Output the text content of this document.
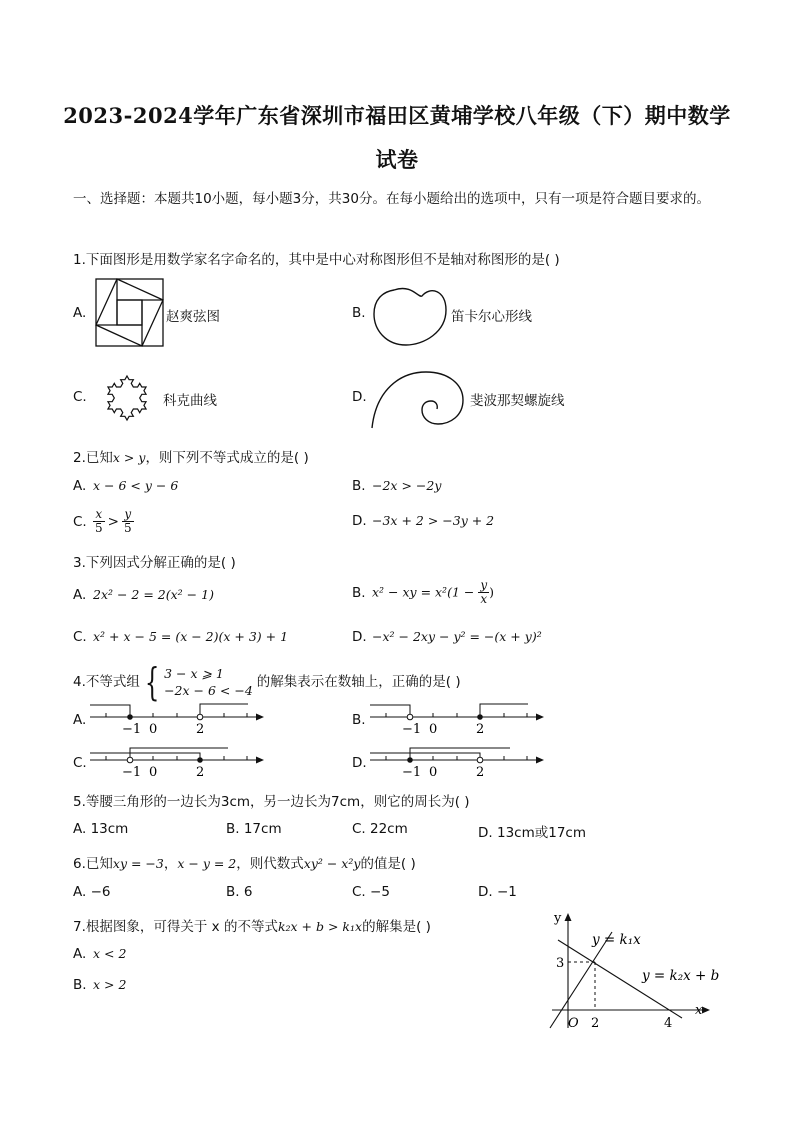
2023-2024学年广东省深圳市福田区黄埔学校八年级（下）期中数学
试卷
一、选择题：本题共10小题，每小题3分，共30分。在每小题给出的选项中，只有一项是符合题目要求的。
1.下面图形是用数学家名字命名的，其中是中心对称图形但不是轴对称图形的是( )
A.	赵爽弦图	B.	笛卡尔心形线
C.	科克曲线	D.	斐波那契螺旋线
2.已知x > y，则下列不等式成立的是( )
A. x − 6 < y − 6	B. −2x > −2y
C. $\frac{x}{5} > \frac{y}{5}$	D. −3x + 2 > −3y + 2
3.下列因式分解正确的是( )
A. 2x² − 2 = 2(x² − 1)	B. x² − xy = $x^2(1 - \frac{y}{x}$ )
C. x² + x − 5 = (x − 2)(x + 3) + 1	D. −x² − 2xy − y² = −(x + y)²
4.不等式组 { 3 − x ⩾ 1
−2x − 6 < −4
的解集表示在数轴上，正确的是( )
A.	B.
C.	D.
−1 0	2	−1 0	2
−1 0	2	−1 0	2
5.等腰三角形的一边长为3cm，另一边长为7cm，则它的周长为( )
A. 13cm	B. 17cm	C. 22cm	D. 13cm或17cm
6.已知xy = −3，x − y = 2，则代数式xy² − x²y的值是( )
A. −6	B. 6	C. −5	D. −1
7.根据图象，可得关于 x 的不等式k₂x + b > k₁x的解集是( )
A. x < 2
B. x > 2
y
x
O 2	4
3
y = k₁x
y = k₂x + b
